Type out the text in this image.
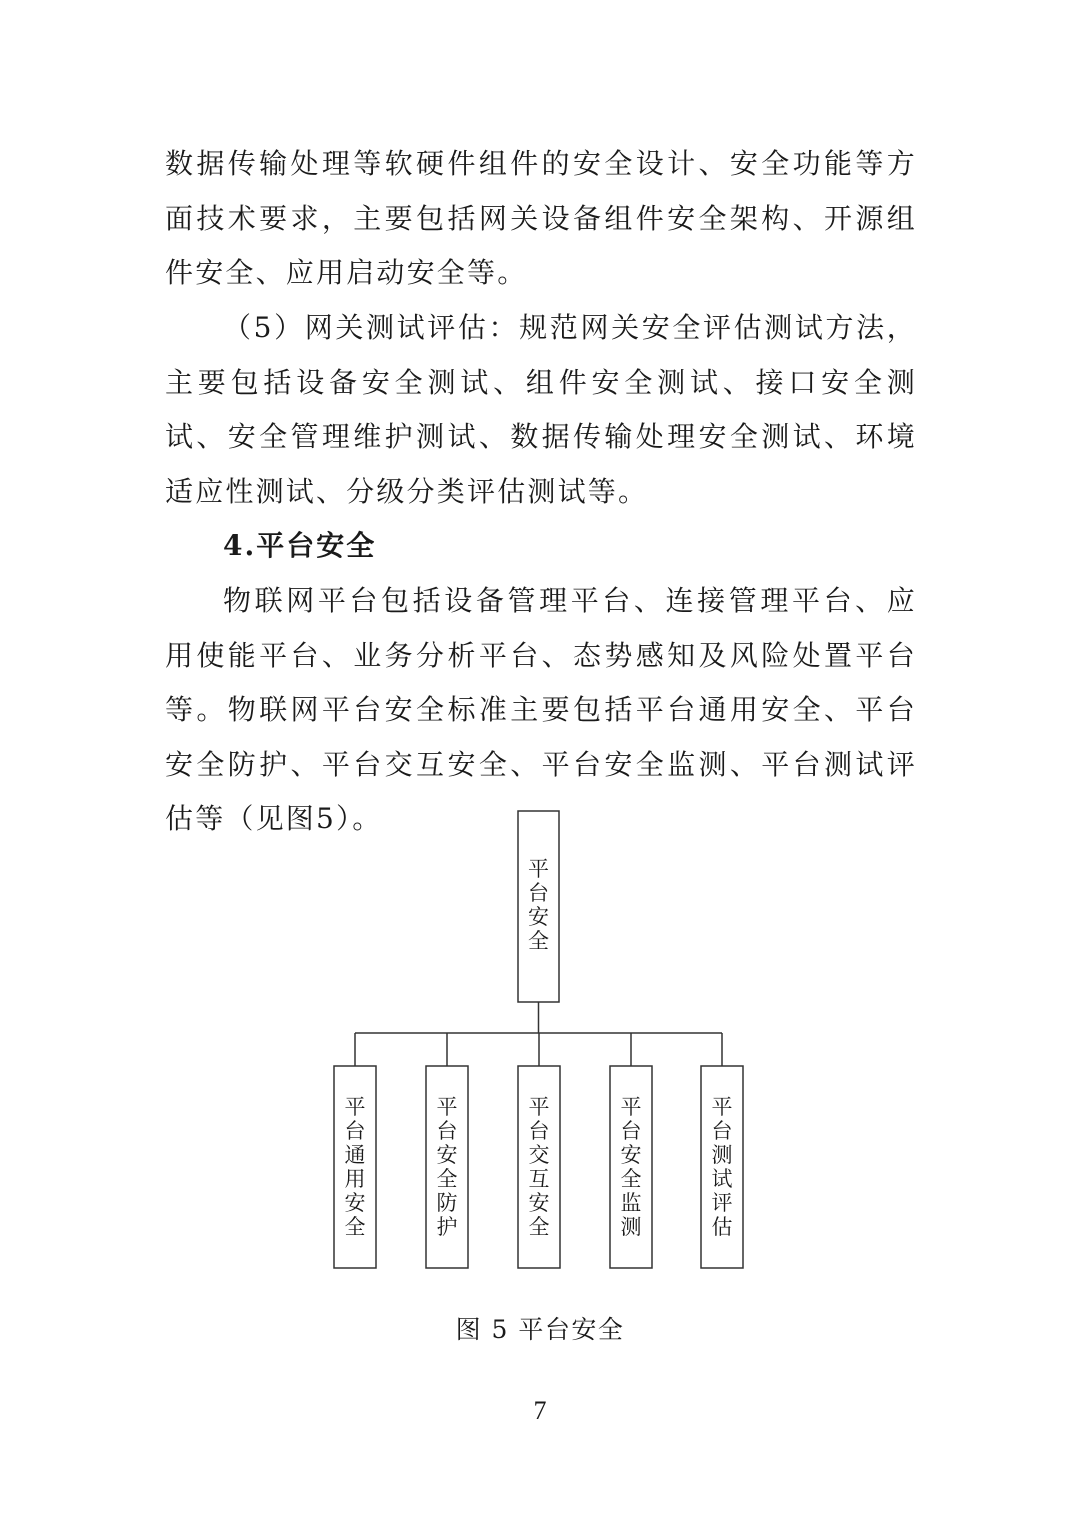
数据传输处理等软硬件组件的安全设计、安全功能等方面技术要求，主要包括网关设备组件安全架构、开源组件安全、应用启动安全等。

（5）网关测试评估：规范网关安全评估测试方法，主要包括设备安全测试、组件安全测试、接口安全测试、安全管理维护测试、数据传输处理安全测试、环境适应性测试、分级分类评估测试等。

4.平台安全

物联网平台包括设备管理平台、连接管理平台、应用使能平台、业务分析平台、态势感知及风险处置平台等。物联网平台安全标准主要包括平台通用安全、平台安全防护、平台交互安全、平台安全监测、平台测试评估等（见图5）。

平
台
安
全
平
台
通
用
安
全
平
台
安
全
防
护
平
台
交
互
安
全
平
台
安
全
监
测
平
台
测
试
评
估
图 5 平台安全
7
